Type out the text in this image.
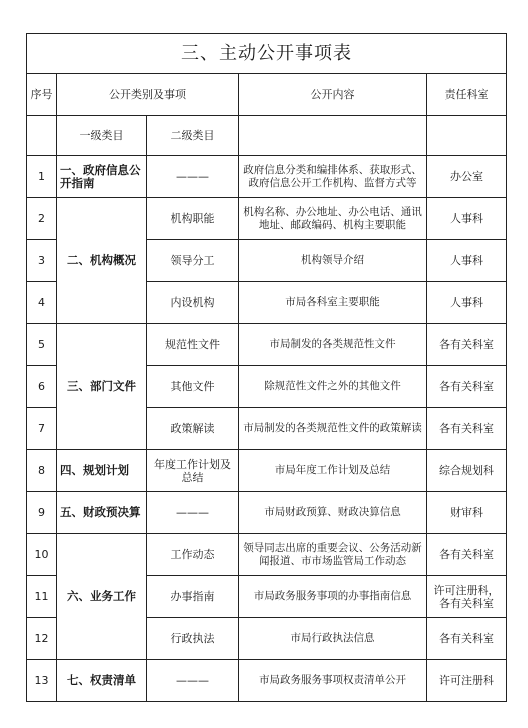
三、主动公开事项表				
序号	公开类别及事项		公开内容	责任科室
	一级类目	二级类目		
1	一、政府信息公开指南	———	政府信息分类和编排体系、获取形式、政府信息公开工作机构、监督方式等	办公室
2	二、机构概况	机构职能	机构名称、办公地址、办公电话、通讯地址、邮政编码、机构主要职能	人事科
3		领导分工	机构领导介绍	人事科
4		内设机构	市局各科室主要职能	人事科
5	三、部门文件	规范性文件	市局制发的各类规范性文件	各有关科室
6		其他文件	除规范性文件之外的其他文件	各有关科室
7		政策解读	市局制发的各类规范性文件的政策解读	各有关科室
8	四、规划计划	年度工作计划及总结	市局年度工作计划及总结	综合规划科
9	五、财政预决算	———	市局财政预算、财政决算信息	财审科
10	六、业务工作	工作动态	领导同志出席的重要会议、公务活动新闻报道、市市场监管局工作动态	各有关科室
11		办事指南	市局政务服务事项的办事指南信息	许可注册科，各有关科室
12		行政执法	市局行政执法信息	各有关科室
13	七、权责清单	———	市局政务服务事项权责清单公开	许可注册科
